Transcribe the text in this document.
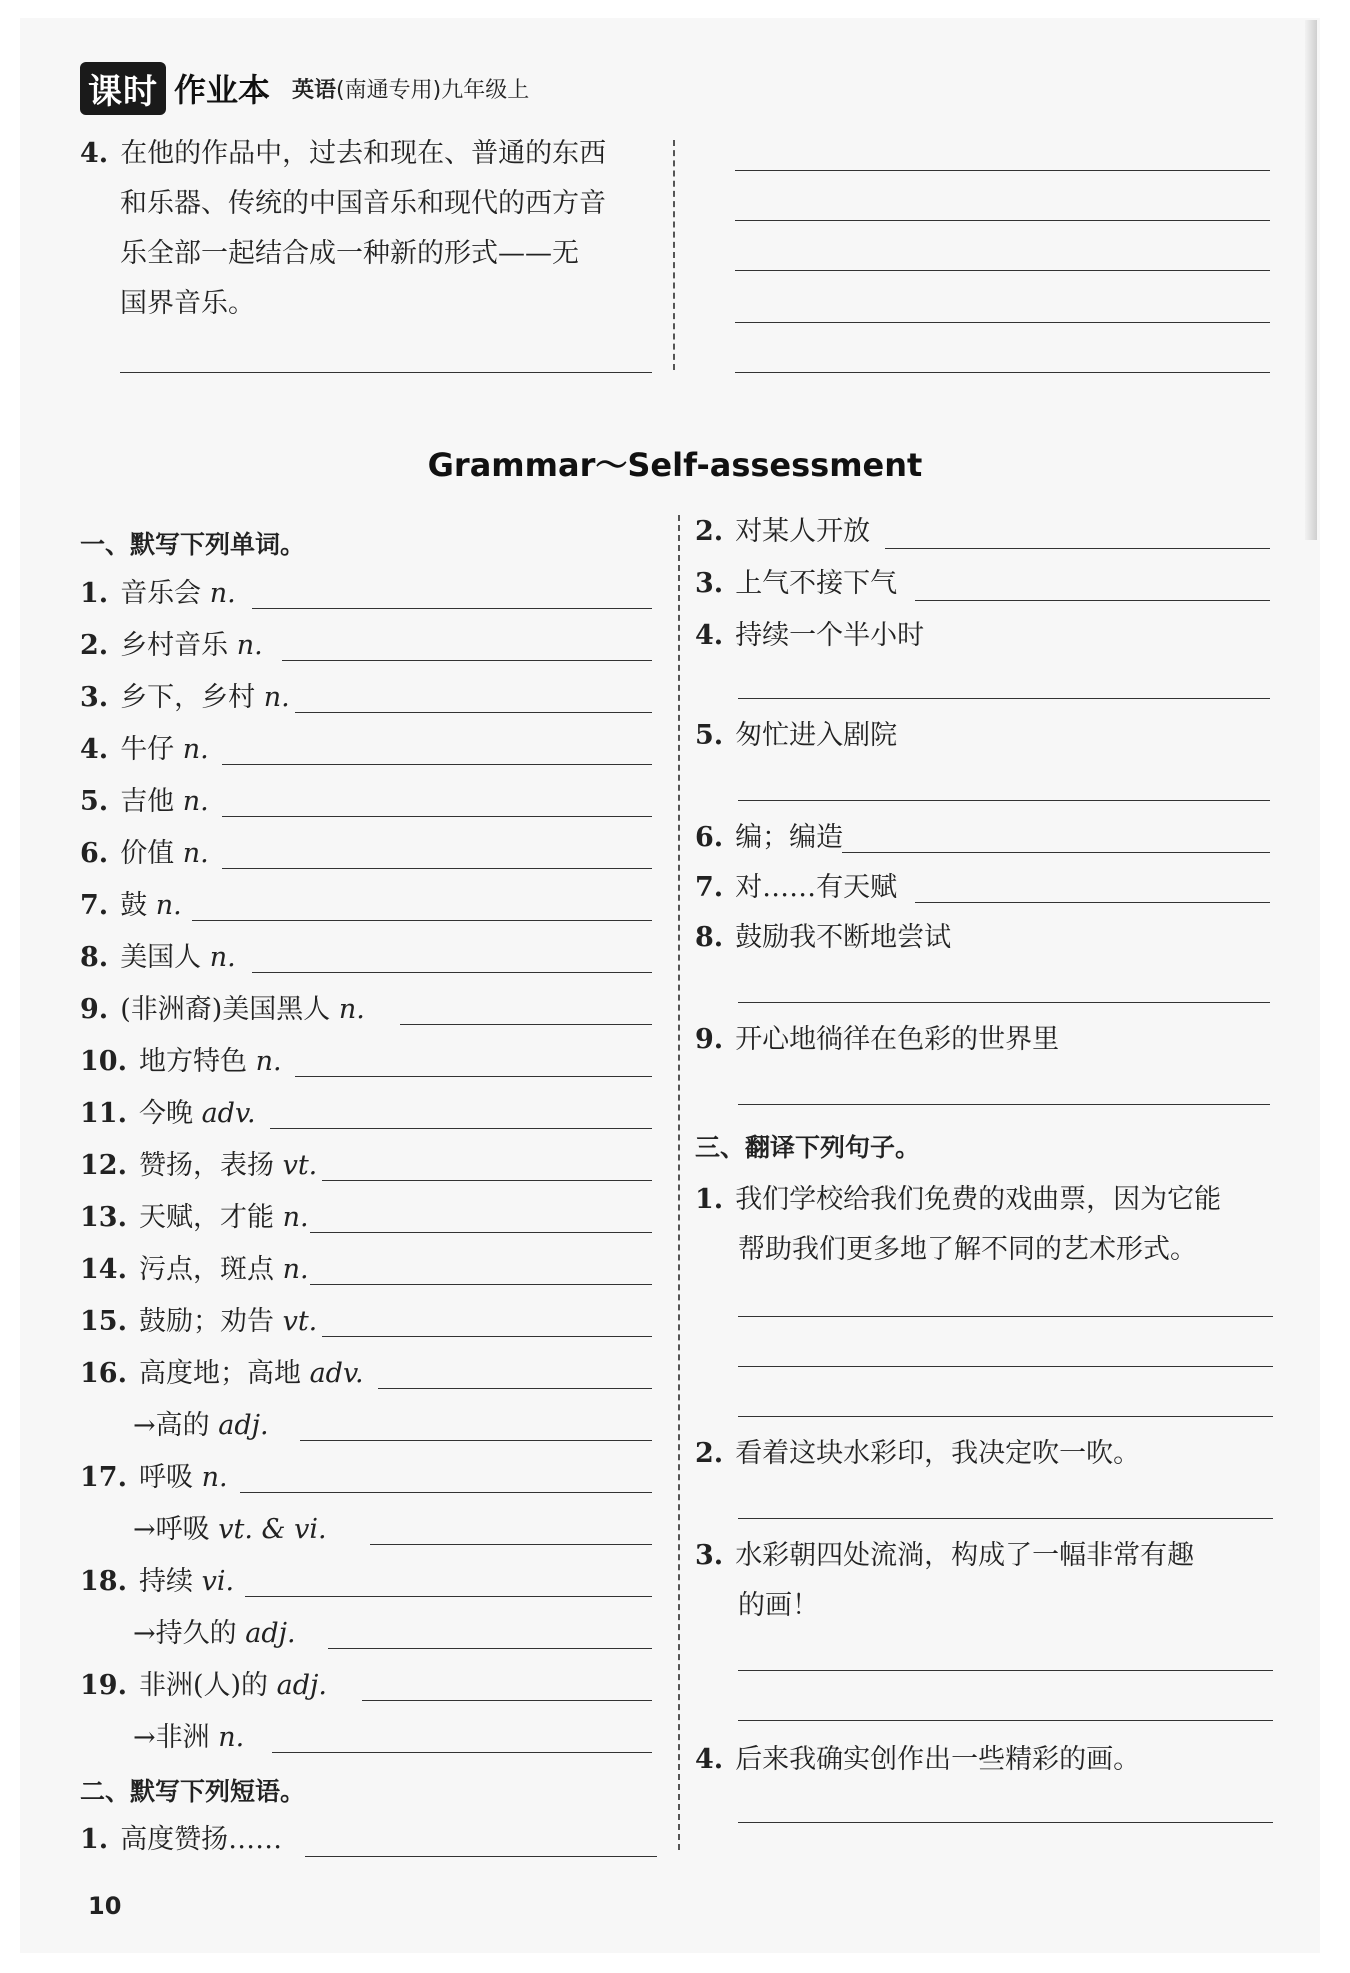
课时 作业本 英语(南通专用)九年级上
4. 在他的作品中，过去和现在、普通的东西
和乐器、传统的中国音乐和现代的西方音
乐全部一起结合成一种新的形式——无
国界音乐。
Grammar～Self-assessment
一、默写下列单词。
1. 音乐会 n.
2. 乡村音乐 n.
3. 乡下，乡村 n.
4. 牛仔 n.
5. 吉他 n.
6. 价值 n.
7. 鼓 n.
8. 美国人 n.
9. (非洲裔)美国黑人 n.
10. 地方特色 n.
11. 今晚 adv.
12. 赞扬，表扬 vt.
13. 天赋，才能 n.
14. 污点，斑点 n.
15. 鼓励；劝告 vt.
16. 高度地；高地 adv.
→高的 adj.
17. 呼吸 n.
→呼吸 vt. & vi.
18. 持续 vi.
→持久的 adj.
19. 非洲(人)的 adj.
→非洲 n.
二、默写下列短语。
1. 高度赞扬……
2. 对某人开放
3. 上气不接下气
4. 持续一个半小时
5. 匆忙进入剧院
6. 编；编造
7. 对……有天赋
8. 鼓励我不断地尝试
9. 开心地徜徉在色彩的世界里
三、翻译下列句子。
1. 我们学校给我们免费的戏曲票，因为它能
帮助我们更多地了解不同的艺术形式。
2. 看着这块水彩印，我决定吹一吹。
3. 水彩朝四处流淌，构成了一幅非常有趣
的画！
4. 后来我确实创作出一些精彩的画。
10
